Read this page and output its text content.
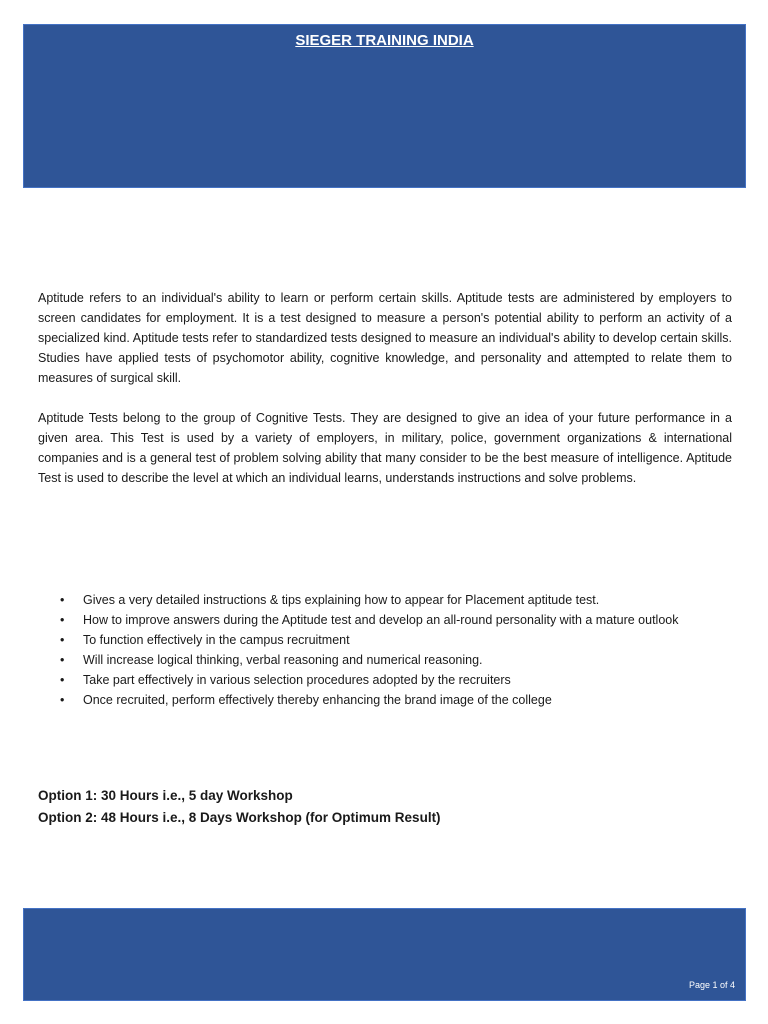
SIEGER TRAINING INDIA

Aptitude refers to an individual's ability to learn or perform certain skills. Aptitude tests are administered by employers to screen candidates for employment. It is a test designed to measure a person's potential ability to perform an activity of a specialized kind. Aptitude tests refer to standardized tests designed to measure an individual's ability to develop certain skills. Studies have applied tests of psychomotor ability, cognitive knowledge, and personality and attempted to relate them to measures of surgical skill.

Aptitude Tests belong to the group of Cognitive Tests. They are designed to give an idea of your future performance in a given area. This Test is used by a variety of employers, in military, police, government organizations & international companies and is a general test of problem solving ability that many consider to be the best measure of intelligence. Aptitude Test is used to describe the level at which an individual learns, understands instructions and solve problems.

• Gives a very detailed instructions & tips explaining how to appear for Placement aptitude test.
• How to improve answers during the Aptitude test and develop an all-round personality with a mature outlook
• To function effectively in the campus recruitment
• Will increase logical thinking, verbal reasoning and numerical reasoning.
• Take part effectively in various selection procedures adopted by the recruiters
• Once recruited, perform effectively thereby enhancing the brand image of the college
Option 1: 30 Hours i.e., 5 day Workshop
Option 2: 48 Hours i.e., 8 Days Workshop (for Optimum Result)
Page 1 of 4
